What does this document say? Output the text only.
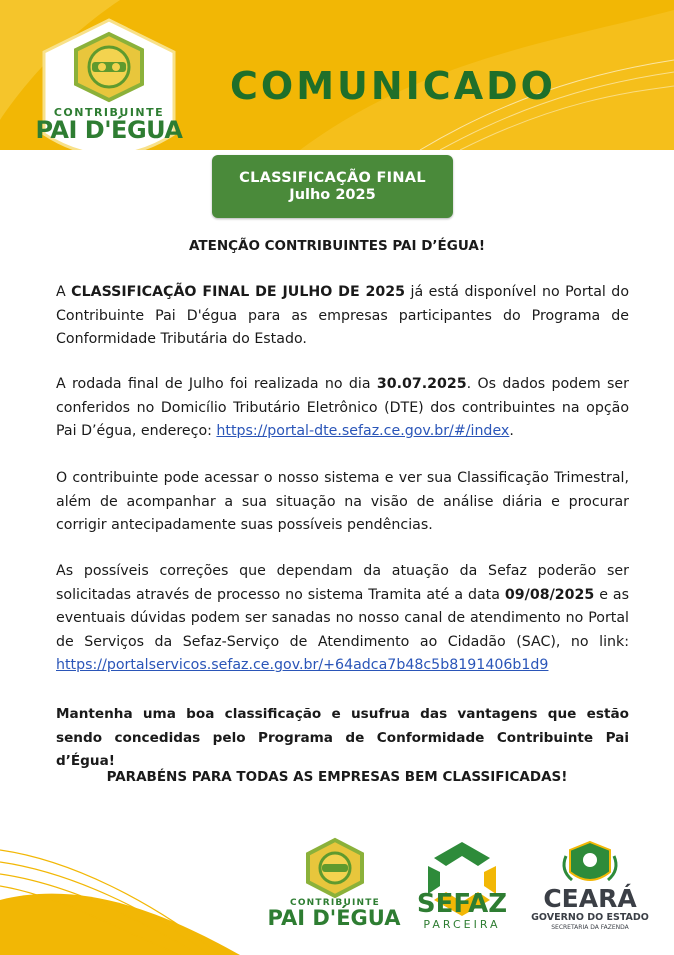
CONTRIBUINTE
PAI D'ÉGUA
COMUNICADO
CLASSIFICAÇÃO FINAL
Julho 2025
ATENÇÃO CONTRIBUINTES PAI D’ÉGUA!
A CLASSIFICAÇÃO FINAL DE JULHO DE 2025 já está disponível no Portal do Contribuinte Pai D'égua para as empresas participantes do Programa de Conformidade Tributária do Estado.
A rodada final de Julho foi realizada no dia 30.07.2025. Os dados podem ser conferidos no Domicílio Tributário Eletrônico (DTE) dos contribuintes na opção Pai D’égua, endereço: https://portal-dte.sefaz.ce.gov.br/#/index.
O contribuinte pode acessar o nosso sistema e ver sua Classificação Trimestral, além de acompanhar a sua situação na visão de análise diária e procurar corrigir antecipadamente suas possíveis pendências.
As possíveis correções que dependam da atuação da Sefaz poderão ser solicitadas através de processo no sistema Tramita até a data 09/08/2025 e as eventuais dúvidas podem ser sanadas no nosso canal de atendimento no Portal de Serviços da Sefaz-Serviço de Atendimento ao Cidadão (SAC), no link: https://portalservicos.sefaz.ce.gov.br/+64adca7b48c5b8191406b1d9
Mantenha uma boa classificação e usufrua das vantagens que estão sendo concedidas pelo Programa de Conformidade Contribuinte Pai d’Égua!
PARABÉNS PARA TODAS AS EMPRESAS BEM CLASSIFICADAS!
CONTRIBUINTE
PAI D'ÉGUA SEFAZ
PARCEIRA
CEARÁ
GOVERNO DO ESTADO
SECRETARIA DA FAZENDA
